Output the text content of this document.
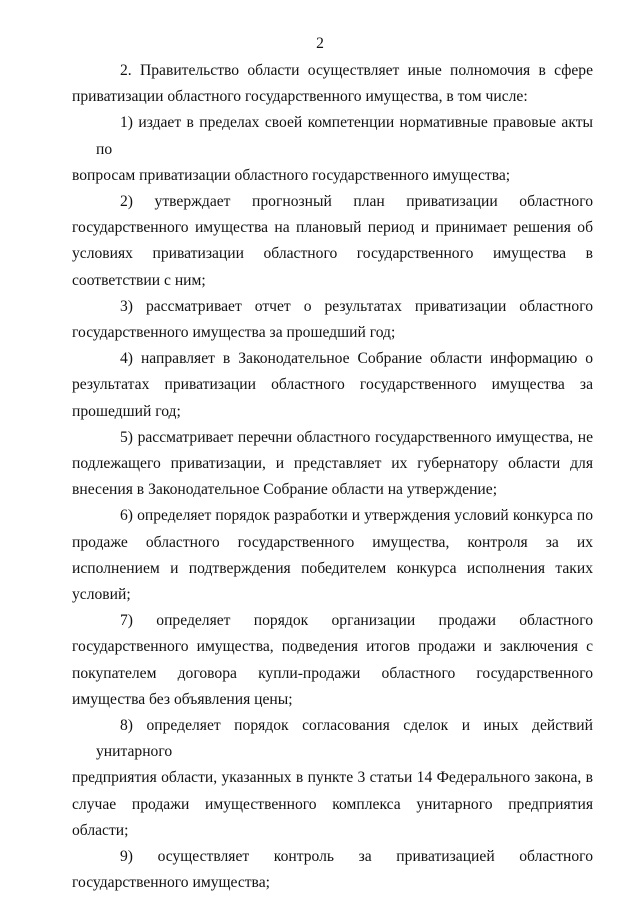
2

2. Правительство области осуществляет иные полномочия в сфере
приватизации областного государственного имущества, в том числе:

1) издает в пределах своей компетенции нормативные правовые акты по
вопросам приватизации областного государственного имущества;

2) утверждает прогнозный план приватизации областного
государственного имущества на плановый период и принимает решения об
условиях приватизации областного государственного имущества в
соответствии с ним;

3) рассматривает отчет о результатах приватизации областного
государственного имущества за прошедший год;

4) направляет в Законодательное Собрание области информацию о
результатах приватизации областного государственного имущества за
прошедший год;

5) рассматривает перечни областного государственного имущества, не
подлежащего приватизации, и представляет их губернатору области для
внесения в Законодательное Собрание области на утверждение;

6) определяет порядок разработки и утверждения условий конкурса по
продаже областного государственного имущества, контроля за их
исполнением и подтверждения победителем конкурса исполнения таких
условий;

7) определяет порядок организации продажи областного
государственного имущества, подведения итогов продажи и заключения с
покупателем договора купли-продажи областного государственного
имущества без объявления цены;

8) определяет порядок согласования сделок и иных действий унитарного
предприятия области, указанных в пункте 3 статьи 14 Федерального закона, в
случае продажи имущественного комплекса унитарного предприятия
области;

9) осуществляет контроль за приватизацией областного
государственного имущества;
